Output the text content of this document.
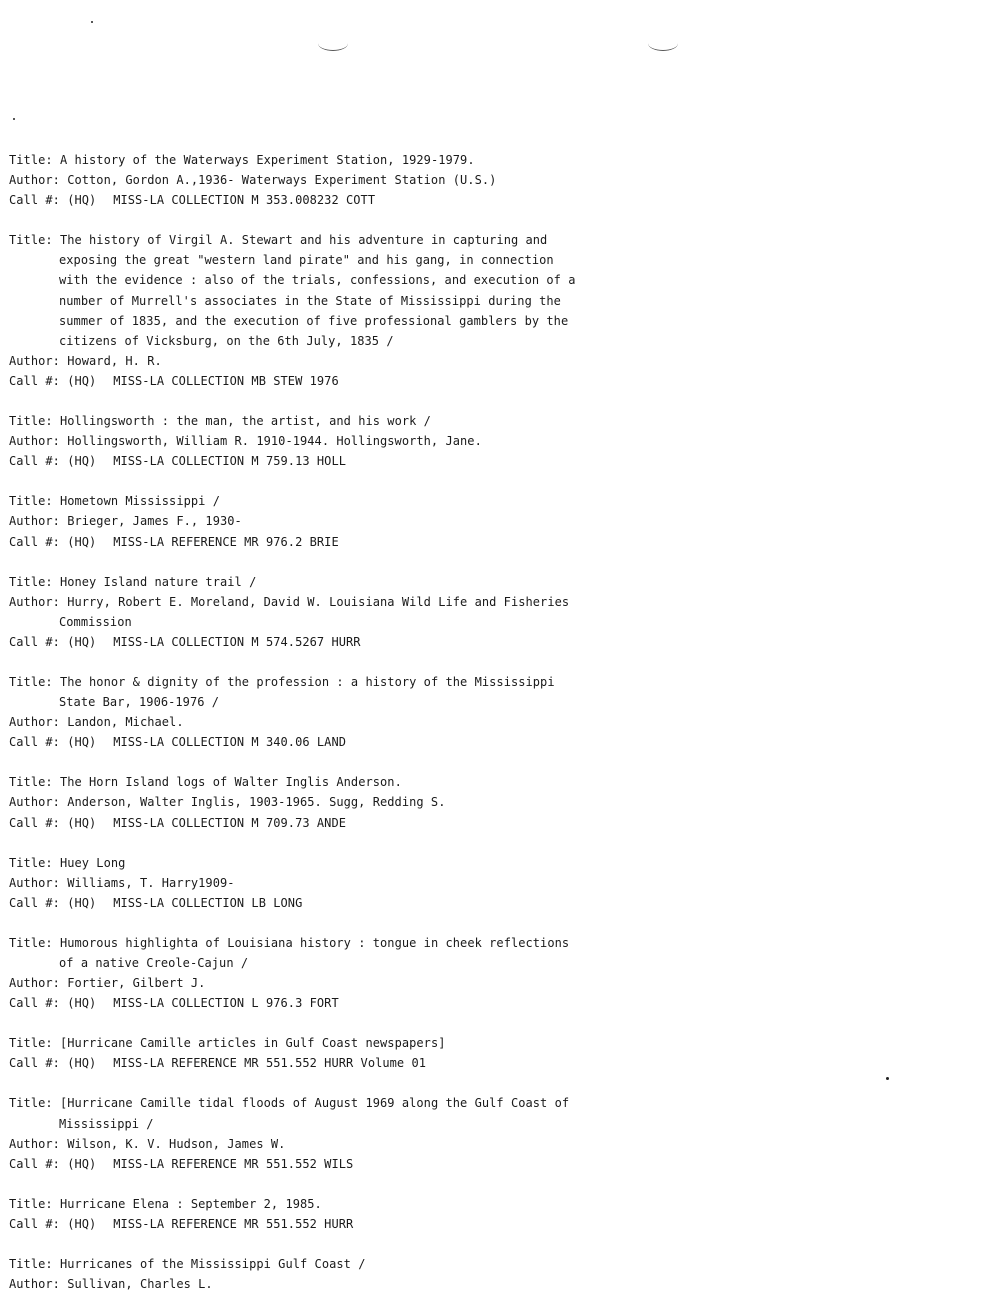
Title: A history of the Waterways Experiment Station, 1929-1979.
Author: Cotton, Gordon A.,1936- Waterways Experiment Station (U.S.)
Call #: (HQ) MISS-LA COLLECTION M 353.008232 COTT
Title: The history of Virgil A. Stewart and his adventure in capturing and
exposing the great "western land pirate" and his gang, in connection
with the evidence : also of the trials, confessions, and execution of a
number of Murrell's associates in the State of Mississippi during the
summer of 1835, and the execution of five professional gamblers by the
citizens of Vicksburg, on the 6th July, 1835 /
Author: Howard, H. R.
Call #: (HQ) MISS-LA COLLECTION MB STEW 1976
Title: Hollingsworth : the man, the artist, and his work /
Author: Hollingsworth, William R. 1910-1944. Hollingsworth, Jane.
Call #: (HQ) MISS-LA COLLECTION M 759.13 HOLL
Title: Hometown Mississippi /
Author: Brieger, James F., 1930-
Call #: (HQ) MISS-LA REFERENCE MR 976.2 BRIE
Title: Honey Island nature trail /
Author: Hurry, Robert E. Moreland, David W. Louisiana Wild Life and Fisheries
Commission
Call #: (HQ) MISS-LA COLLECTION M 574.5267 HURR
Title: The honor & dignity of the profession : a history of the Mississippi
State Bar, 1906-1976 /
Author: Landon, Michael.
Call #: (HQ) MISS-LA COLLECTION M 340.06 LAND
Title: The Horn Island logs of Walter Inglis Anderson.
Author: Anderson, Walter Inglis, 1903-1965. Sugg, Redding S.
Call #: (HQ) MISS-LA COLLECTION M 709.73 ANDE
Title: Huey Long
Author: Williams, T. Harry1909-
Call #: (HQ) MISS-LA COLLECTION LB LONG
Title: Humorous highlighta of Louisiana history : tongue in cheek reflections
of a native Creole-Cajun /
Author: Fortier, Gilbert J.
Call #: (HQ) MISS-LA COLLECTION L 976.3 FORT
Title: [Hurricane Camille articles in Gulf Coast newspapers]
Call #: (HQ) MISS-LA REFERENCE MR 551.552 HURR Volume 01
Title: [Hurricane Camille tidal floods of August 1969 along the Gulf Coast of
Mississippi /
Author: Wilson, K. V. Hudson, James W.
Call #: (HQ) MISS-LA REFERENCE MR 551.552 WILS
Title: Hurricane Elena : September 2, 1985.
Call #: (HQ) MISS-LA REFERENCE MR 551.552 HURR
Title: Hurricanes of the Mississippi Gulf Coast /
Author: Sullivan, Charles L.
